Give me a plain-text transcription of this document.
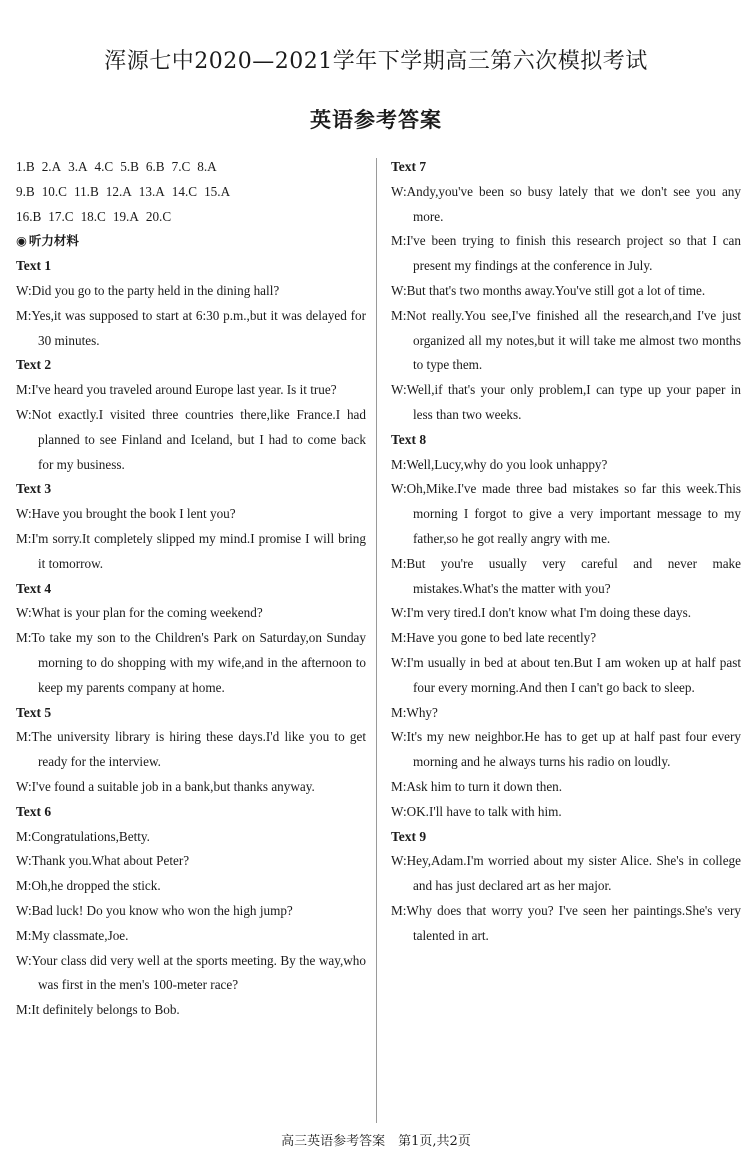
浑源七中2020—2021学年下学期高三第六次模拟考试
英语参考答案
1.B 2.A 3.A 4.C 5.B 6.B 7.C 8.A
9.B 10.C 11.B 12.A 13.A 14.C 15.A
16.B 17.C 18.C 19.A 20.C
◉ 听力材料
Text 1
W:Did you go to the party held in the dining hall?
M:Yes,it was supposed to start at 6:30 p.m.,but it was delayed for 30 minutes.
Text 2
M:I've heard you traveled around Europe last year. Is it true?
W:Not exactly.I visited three countries there,like France.I had planned to see Finland and Iceland, but I had to come back for my business.
Text 3
W:Have you brought the book I lent you?
M:I'm sorry.It completely slipped my mind.I promise I will bring it tomorrow.
Text 4
W:What is your plan for the coming weekend?
M:To take my son to the Children's Park on Saturday,on Sunday morning to do shopping with my wife,and in the afternoon to keep my parents company at home.
Text 5
M:The university library is hiring these days.I'd like you to get ready for the interview.
W:I've found a suitable job in a bank,but thanks anyway.
Text 6
M:Congratulations,Betty.
W:Thank you.What about Peter?
M:Oh,he dropped the stick.
W:Bad luck! Do you know who won the high jump?
M:My classmate,Joe.
W:Your class did very well at the sports meeting. By the way,who was first in the men's 100-meter race?
M:It definitely belongs to Bob.
Text 7
W:Andy,you've been so busy lately that we don't see you any more.
M:I've been trying to finish this research project so that I can present my findings at the conference in July.
W:But that's two months away.You've still got a lot of time.
M:Not really.You see,I've finished all the research,and I've just organized all my notes,but it will take me almost two months to type them.
W:Well,if that's your only problem,I can type up your paper in less than two weeks.
Text 8
M:Well,Lucy,why do you look unhappy?
W:Oh,Mike.I've made three bad mistakes so far this week.This morning I forgot to give a very important message to my father,so he got really angry with me.
M:But you're usually very careful and never make mistakes.What's the matter with you?
W:I'm very tired.I don't know what I'm doing these days.
M:Have you gone to bed late recently?
W:I'm usually in bed at about ten.But I am woken up at half past four every morning.And then I can't go back to sleep.
M:Why?
W:It's my new neighbor.He has to get up at half past four every morning and he always turns his radio on loudly.
M:Ask him to turn it down then.
W:OK.I'll have to talk with him.
Text 9
W:Hey,Adam.I'm worried about my sister Alice. She's in college and has just declared art as her major.
M:Why does that worry you? I've seen her paintings.She's very talented in art.
高三英语参考答案　第1页,共2页
